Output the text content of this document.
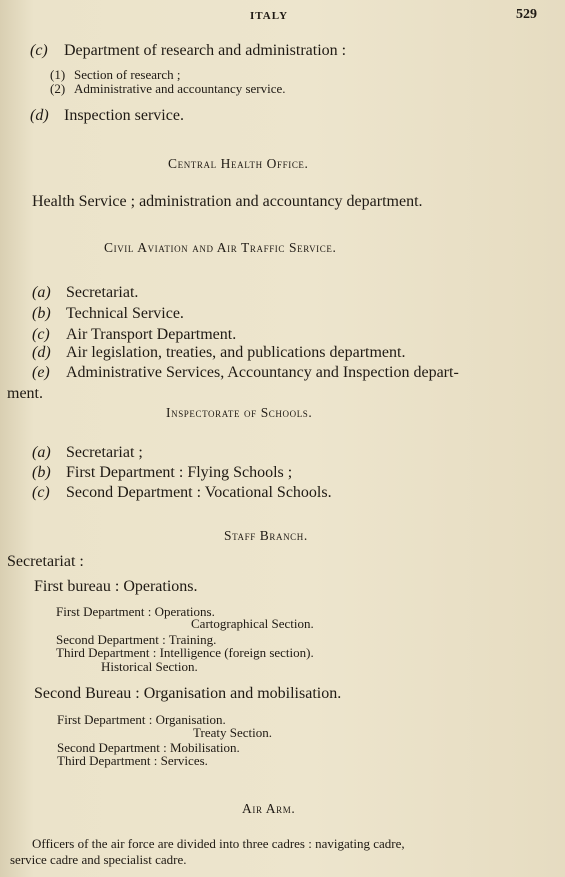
ITALY	529
(c) Department of research and administration :
(1) Section of research ;
(2) Administrative and accountancy service.
(d) Inspection service.
Central Health Office.
Health Service ; administration and accountancy department.
Civil Aviation and Air Traffic Service.
(a) Secretariat.
(b) Technical Service.
(c) Air Transport Department.
(d) Air legislation, treaties, and publications department.
(e) Administrative Services, Accountancy and Inspection depart-
ment.
Inspectorate of Schools.
(a) Secretariat ;
(b) First Department : Flying Schools ;
(c) Second Department : Vocational Schools.
Staff Branch.
Secretariat :
First bureau : Operations.
First Department : Operations.
Cartographical Section.
Second Department : Training.
Third Department : Intelligence (foreign section).
Historical Section.
Second Bureau : Organisation and mobilisation.
First Department : Organisation.
Treaty Section.
Second Department : Mobilisation.
Third Department : Services.
Air Arm.
Officers of the air force are divided into three cadres : navigating cadre,
service cadre and specialist cadre.
